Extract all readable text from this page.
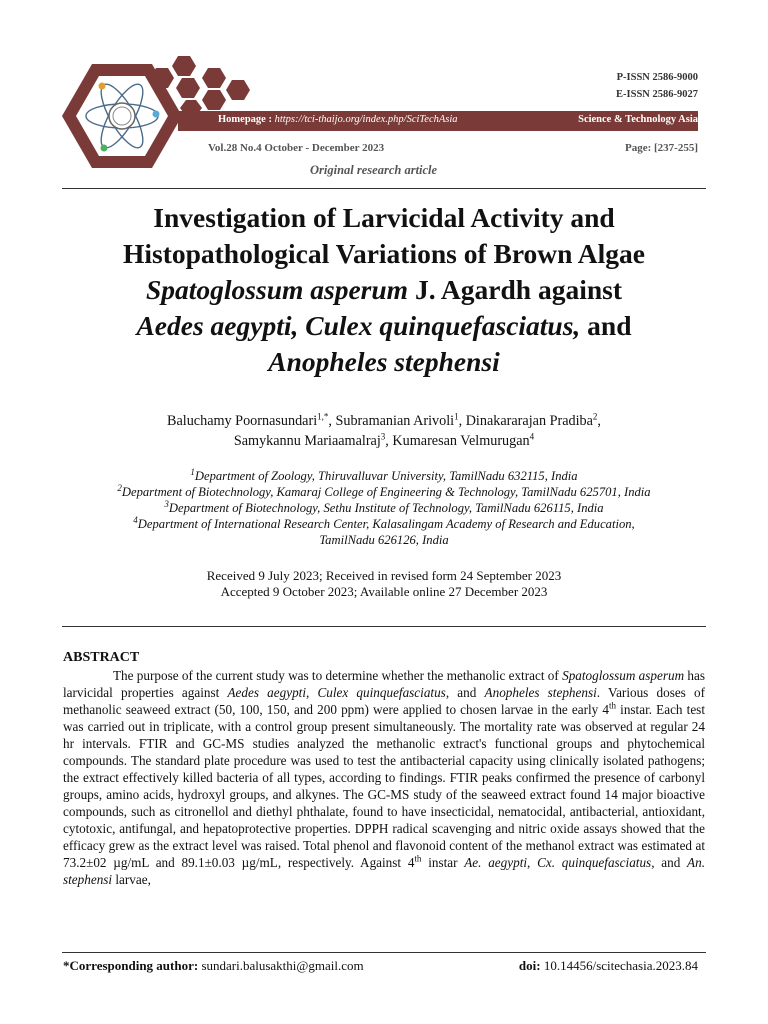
P-ISSN 2586-9000
E-ISSN 2586-9027
Homepage : https://tci-thaijo.org/index.php/SciTechAsia	Science & Technology Asia
Vol.28 No.4 October - December 2023	Page: [237-255]
Original research article
Investigation of Larvicidal Activity and
Histopathological Variations of Brown Algae
Spatoglossum asperum J. Agardh against
Aedes aegypti, Culex quinquefasciatus, and
Anopheles stephensi
Baluchamy Poornasundari$^{1,*}$, Subramanian Arivoli$^1$, Dinakararajan Pradiba$^2$,
Samykannu Mariaamalraj$^3$, Kumaresan Velmurugan$^4$
$^1$Department of Zoology, Thiruvalluvar University, TamilNadu 632115, India
$^2$Department of Biotechnology, Kamaraj College of Engineering & Technology, TamilNadu 625701, India
$^3$Department of Biotechnology, Sethu Institute of Technology, TamilNadu 626115, India
$^4$Department of International Research Center, Kalasalingam Academy of Research and Education,
TamilNadu 626126, India
Received 9 July 2023; Received in revised form 24 September 2023
Accepted 9 October 2023; Available online 27 December 2023
ABSTRACT

The purpose of the current study was to determine whether the methanolic extract of Spatoglossum asperum has larvicidal properties against Aedes aegypti, Culex quinquefasciatus, and Anopheles stephensi. Various doses of methanolic seaweed extract (50, 100, 150, and 200 ppm) were applied to chosen larvae in the early 4th instar. Each test was carried out in triplicate, with a control group present simultaneously. The mortality rate was observed at regular 24 hr intervals. FTIR and GC-MS studies analyzed the methanolic extract's functional groups and phytochemical compounds. The standard plate procedure was used to test the antibacterial capacity using clinically isolated pathogens; the extract effectively killed bacteria of all types, according to findings. FTIR peaks confirmed the presence of carbonyl groups, amino acids, hydroxyl groups, and alkynes. The GC-MS study of the seaweed extract found 14 major bioactive compounds, such as citronellol and diethyl phthalate, found to have insecticidal, nematocidal, antibacterial, antioxidant, cytotoxic, antifungal, and hepatoprotective properties. DPPH radical scavenging and nitric oxide assays showed that the efficacy grew as the extract level was raised. Total phenol and flavonoid content of the methanol extract was estimated at 73.2±02 µg/mL and 89.1±0.03 µg/mL, respectively. Against 4th instar Ae. aegypti, Cx. quinquefasciatus, and An. stephensi larvae,

*Corresponding author: sundari.balusakthi@gmail.com	doi: 10.14456/scitechasia.2023.84
